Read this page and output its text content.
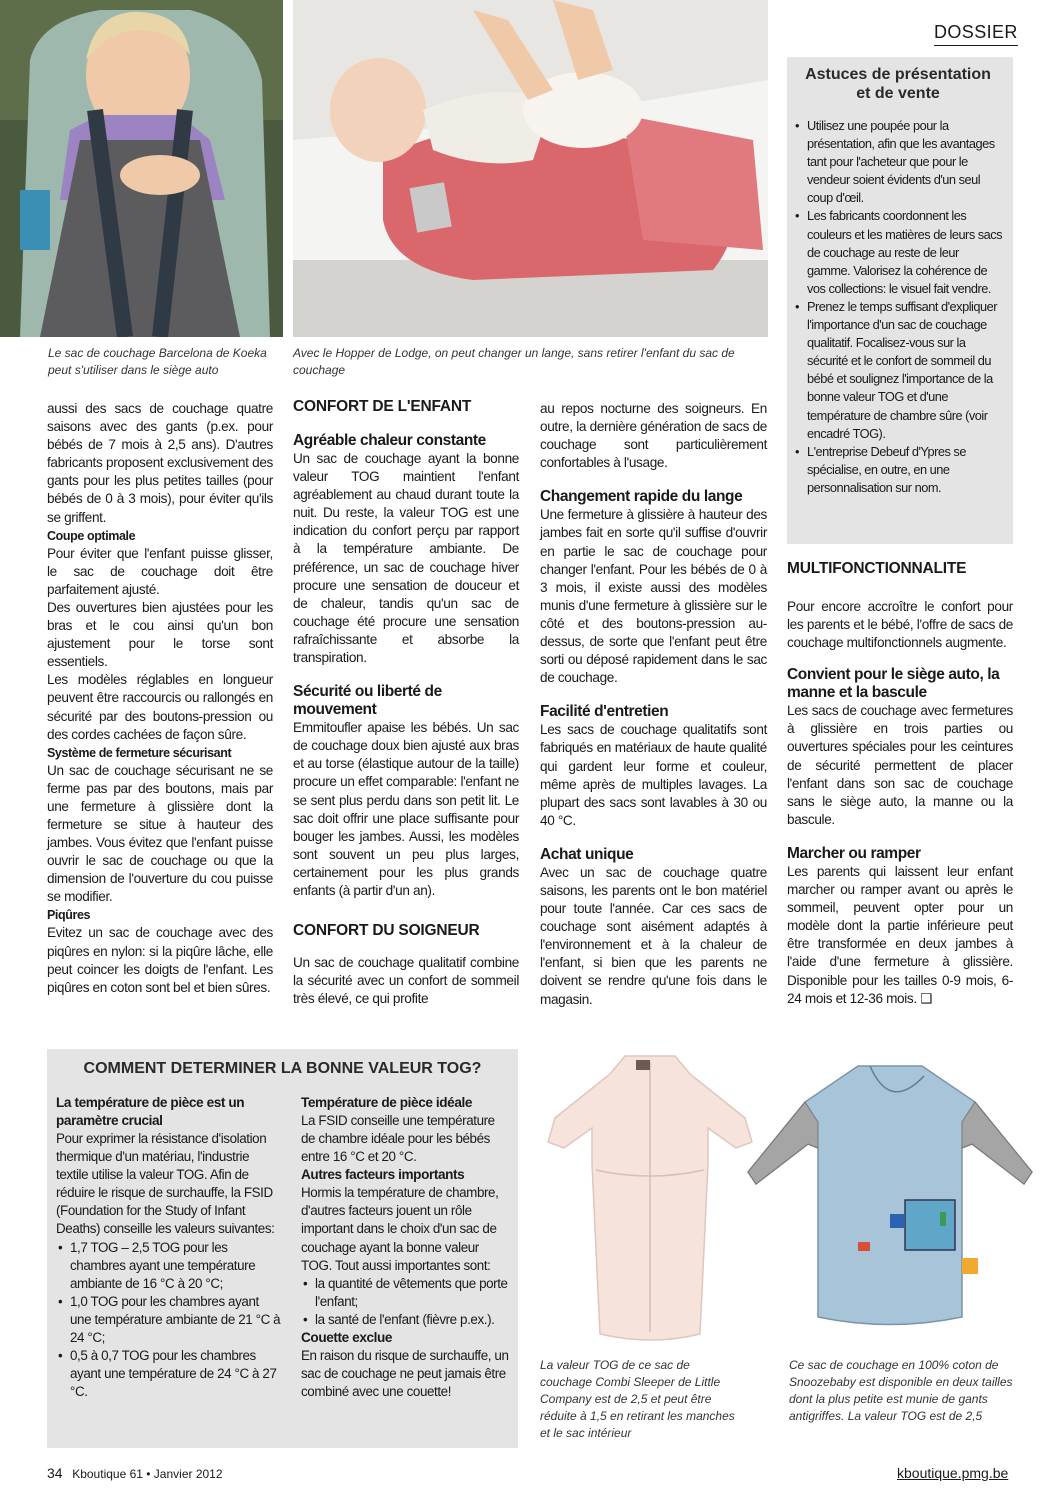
DOSSIER
Le sac de couchage Barcelona de Koeka peut s'utiliser dans le siège auto
Avec le Hopper de Lodge, on peut changer un lange, sans retirer l'enfant du sac de couchage

aussi des sacs de couchage quatre saisons avec des gants (p.ex. pour bébés de 7 mois à 2,5 ans). D'autres fabricants proposent exclusivement des gants pour les plus petites tailles (pour bébés de 0 à 3 mois), pour éviter qu'ils se griffent.

Coupe optimale

Pour éviter que l'enfant puisse glisser, le sac de couchage doit être parfaitement ajusté.

Des ouvertures bien ajustées pour les bras et le cou ainsi qu'un bon ajustement pour le torse sont essentiels.

Les modèles réglables en longueur peuvent être raccourcis ou rallongés en sécurité par des boutons-pression ou des cordes cachées de façon sûre.

Système de fermeture sécurisant

Un sac de couchage sécurisant ne se ferme pas par des boutons, mais par une fermeture à glissière dont la fermeture se situe à hauteur des jambes. Vous évitez que l'enfant puisse ouvrir le sac de couchage ou que la dimension de l'ouverture du cou puisse se modifier.

Piqûres

Evitez un sac de couchage avec des piqûres en nylon: si la piqûre lâche, elle peut coincer les doigts de l'enfant. Les piqûres en coton sont bel et bien sûres.

CONFORT DE L'ENFANT
Agréable chaleur constante

Un sac de couchage ayant la bonne valeur TOG maintient l'enfant agréablement au chaud durant toute la nuit. Du reste, la valeur TOG est une indication du confort perçu par rapport à la température ambiante. De préférence, un sac de couchage hiver procure une sensation de douceur et de chaleur, tandis qu'un sac de couchage été procure une sensation rafraîchissante et absorbe la transpiration.

Sécurité ou liberté de mouvement

Emmitoufler apaise les bébés. Un sac de couchage doux bien ajusté aux bras et au torse (élastique autour de la taille) procure un effet comparable: l'enfant ne se sent plus perdu dans son petit lit. Le sac doit offrir une place suffisante pour bouger les jambes. Aussi, les modèles sont souvent un peu plus larges, certainement pour les plus grands enfants (à partir d'un an).

CONFORT DU SOIGNEUR

Un sac de couchage qualitatif combine la sécurité avec un confort de sommeil très élevé, ce qui profite

au repos nocturne des soigneurs. En outre, la dernière génération de sacs de couchage sont particulièrement confortables à l'usage.

Changement rapide du lange

Une fermeture à glissière à hauteur des jambes fait en sorte qu'il suffise d'ouvrir en partie le sac de couchage pour changer l'enfant. Pour les bébés de 0 à 3 mois, il existe aussi des modèles munis d'une fermeture à glissière sur le côté et des boutons-pression au-dessus, de sorte que l'enfant peut être sorti ou déposé rapidement dans le sac de couchage.

Facilité d'entretien

Les sacs de couchage qualitatifs sont fabriqués en matériaux de haute qualité qui gardent leur forme et couleur, même après de multiples lavages. La plupart des sacs sont lavables à 30 ou 40 °C.

Achat unique

Avec un sac de couchage quatre saisons, les parents ont le bon matériel pour toute l'année. Car ces sacs de couchage sont aisément adaptés à l'environnement et à la chaleur de l'enfant, si bien que les parents ne doivent se rendre qu'une fois dans le magasin.

Astuces de présentation
et de vente
• Utilisez une poupée pour la présentation, afin que les avantages tant pour l'acheteur que pour le vendeur soient évidents d'un seul coup d'œil.
• Les fabricants coordonnent les couleurs et les matières de leurs sacs de couchage au reste de leur gamme. Valorisez la cohérence de vos collections: le visuel fait vendre.
• Prenez le temps suffisant d'expliquer l'importance d'un sac de couchage qualitatif. Focalisez-vous sur la sécurité et le confort de sommeil du bébé et soulignez l'importance de la bonne valeur TOG et d'une température de chambre sûre (voir encadré TOG).
• L'entreprise Debeuf d'Ypres se spécialise, en outre, en une personnalisation sur nom.
MULTIFONCTIONNALITE

Pour encore accroître le confort pour les parents et le bébé, l'offre de sacs de couchage multifonctionnels augmente.

Convient pour le siège auto, la manne et la bascule

Les sacs de couchage avec fermetures à glissière en trois parties ou ouvertures spéciales pour les ceintures de sécurité permettent de placer l'enfant dans son sac de couchage sans le siège auto, la manne ou la bascule.

Marcher ou ramper

Les parents qui laissent leur enfant marcher ou ramper avant ou après le sommeil, peuvent opter pour un modèle dont la partie inférieure peut être transformée en deux jambes à l'aide d'une fermeture à glissière. Disponible pour les tailles 0-9 mois, 6-24 mois et 12-36 mois. ❑

COMMENT DETERMINER LA BONNE VALEUR TOG?
La température de pièce est un paramètre crucial
Pour exprimer la résistance d'isolation thermique d'un matériau, l'industrie textile utilise la valeur TOG. Afin de réduire le risque de surchauffe, la FSID (Foundation for the Study of Infant Deaths) conseille les valeurs suivantes:
• 1,7 TOG – 2,5 TOG pour les chambres ayant une température ambiante de 16 °C à 20 °C;
• 1,0 TOG pour les chambres ayant une température ambiante de 21 °C à 24 °C;
• 0,5 à 0,7 TOG pour les chambres ayant une température de 24 °C à 27 °C.
Température de pièce idéale
La FSID conseille une température de chambre idéale pour les bébés entre 16 °C et 20 °C.
Autres facteurs importants
Hormis la température de chambre, d'autres facteurs jouent un rôle important dans le choix d'un sac de couchage ayant la bonne valeur TOG. Tout aussi importantes sont:
• la quantité de vêtements que porte l'enfant;
• la santé de l'enfant (fièvre p.ex.).
Couette exclue
En raison du risque de surchauffe, un sac de couchage ne peut jamais être combiné avec une couette!
La valeur TOG de ce sac de couchage Combi Sleeper de Little Company est de 2,5 et peut être réduite à 1,5 en retirant les manches et le sac intérieur
Ce sac de couchage en 100% coton de Snoozebaby est disponible en deux tailles dont la plus petite est munie de gants antigriffes. La valeur TOG est de 2,5
34 Kboutique 61 • Janvier 2012	kboutique.pmg.be
